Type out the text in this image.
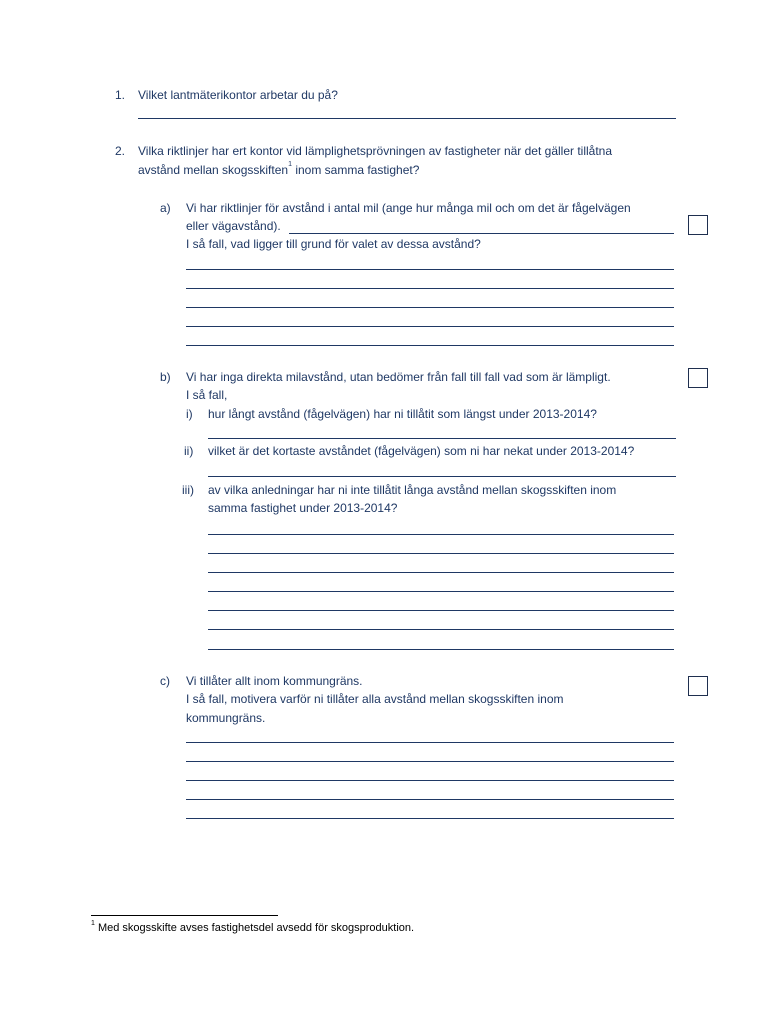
1. Vilket lantmäterikontor arbetar du på?
2. Vilka riktlinjer har ert kontor vid lämplighetsprövningen av fastigheter när det gäller tillåtna
avstånd mellan skogsskiften$^1$ inom samma fastighet?
a) Vi har riktlinjer för avstånd i antal mil (ange hur många mil och om det är fågelvägen
eller vägavstånd).
I så fall, vad ligger till grund för valet av dessa avstånd?
b) Vi har inga direkta milavstånd, utan bedömer från fall till fall vad som är lämpligt.
I så fall,
i) hur långt avstånd (fågelvägen) har ni tillåtit som längst under 2013-2014?
ii) vilket är det kortaste avståndet (fågelvägen) som ni har nekat under 2013-2014?
iii) av vilka anledningar har ni inte tillåtit långa avstånd mellan skogsskiften inom
samma fastighet under 2013-2014?
c) Vi tillåter allt inom kommungräns.
I så fall, motivera varför ni tillåter alla avstånd mellan skogsskiften inom
kommungräns.
$^1$ Med skogsskifte avses fastighetsdel avsedd för skogsproduktion.
